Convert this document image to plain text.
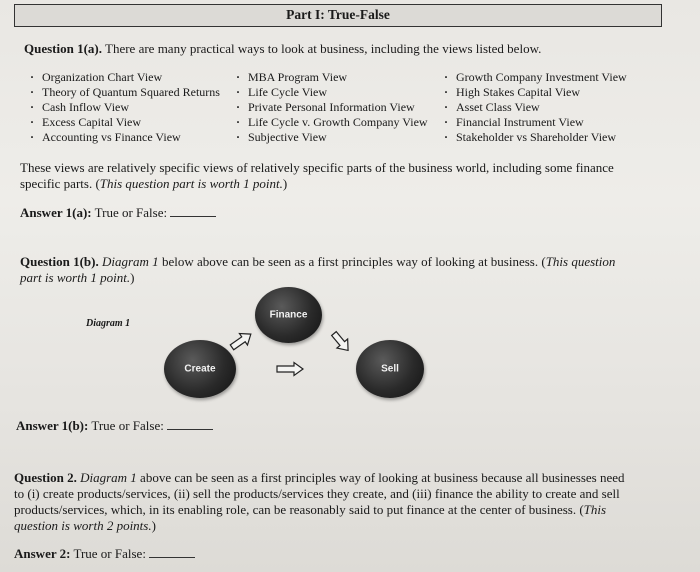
Part I: True-False
Question 1(a). There are many practical ways to look at business, including the views listed below.
· Organization Chart View
· Theory of Quantum Squared Returns
· Cash Inflow View
· Excess Capital View
· Accounting vs Finance View
· MBA Program View
· Life Cycle View
· Private Personal Information View
· Life Cycle v. Growth Company View
· Subjective View
· Growth Company Investment View
· High Stakes Capital View
· Asset Class View
· Financial Instrument View
· Stakeholder vs Shareholder View
These views are relatively specific views of relatively specific parts of the business world, including some finance
specific parts. (This question part is worth 1 point.)
Answer 1(a): True or False:
Question 1(b). Diagram 1 below above can be seen as a first principles way of looking at business. (This question
part is worth 1 point.)
Diagram 1
Finance
Create	Sell
Answer 1(b): True or False:
Question 2. Diagram 1 above can be seen as a first principles way of looking at business because all businesses need
to (i) create products/services, (ii) sell the products/services they create, and (iii) finance the ability to create and sell
products/services, which, in its enabling role, can be reasonably said to put finance at the center of business. (This
question is worth 2 points.)
Answer 2: True or False:
